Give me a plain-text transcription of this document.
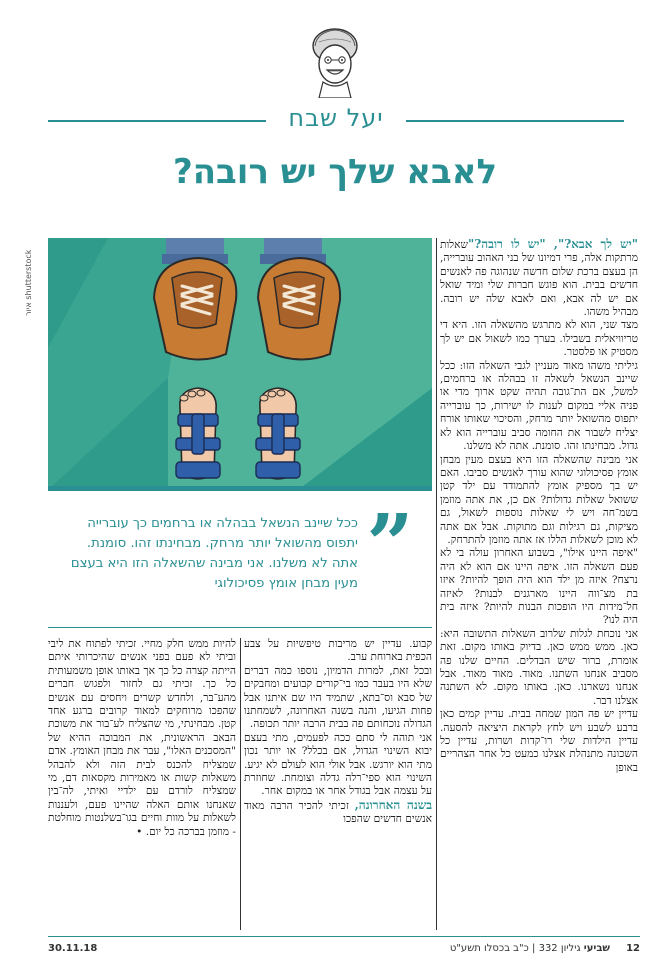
יעל שבח
לאבא שלך יש רובה?
shutterstock איור
”
ככל שיינב הנשאל בבהלה או ברחמים כך עוברייה יתפוס מהשואל יותר מרחק. מבחינתו זהו. סומנת. אתה לא משלנו. אני מבינה שהשאלה הזו היא בעצם מעין מבחן אומץ פסיכולוגי
"יש לך אבא?", "יש לו רובה?"שאלות מרתקות אלה, פרי דמיונו של בני האהוב עוברייה, הן בעצם ברכת שלום חדשה שנהוגה פה לאנשים חדשים בבית. הוא פוגש חברות שלי ומיד שואל אם יש לה אבא, ואם לאבא שלה יש רובה. מבהיל משהו.
מצד שני, הוא לא מתרגש מהשאלה הזו. היא די טריוויאלית בשבילו. בערך כמו לשאול אם יש לך מסטיק או פלסטר.
גיליתי משהו מאוד מעניין לגבי השאלה הזו: ככל שיינב הנשאל לשאלה זו בבהלה או ברחמים, למשל, אם הת־גובה תהיה שקט ארוך מדי או פניה אליי במקום לענות לו ישירות, כך עוברייה יתפוס מהשואל יותר מרחק, והסיכוי שאותו אורח יצליח לשבור את החומה סביב עוברייה הוא לא גדול. מבחינתו זהו. סומנת. אתה לא משלנו.
אני מבינה שהשאלה הזו היא בעצם מעין מבחן אומץ פסיכולוגי שהוא עורך לאנשים סביבו. האם יש בך מספיק אומץ להתמודד עם ילד קטן ששואל שאלות גדולות? אם כן, את אתה מוזמן בשמ־חה ויש לי שאלות נוספות לשאול, גם מציקות, גם רגילות וגם מתוקות. אבל אם אתה לא מוכן לשאלות הללו אז אתה מוזמן להתרחק.
"איפה היינו אילו", בשבוע האחרון עולה בי לא פעם השאלה הזו. איפה היינו אם הוא לא היה נרצח? איזה מן ילד הוא היה הופך להיות? איזו בת מצ־ווה היינו מארגנים לבנות? לאיזה חל־מידות היו הופכות הבנות להיות? איזה בית היה לנו?
אני נוכחת לגלות שלרוב השאלות התשובה היא: כאן. ממש ממש כאן. בדיוק באותו מקום. זאת אומרת, ברור שיש הבדלים. החיים שלנו פה מסביב אנחנו השתנו. מאוד. מאוד מאוד. אבל אנחנו נשארנו. כאן. באותו מקום. לא השתנה אצלנו דבר.
עדיין יש פה המון שמחה בבית. עדיין קמים כאן ברבע לשבע ויש לחץ לקראת היציאה להסעה. עדיין הילדות שלי רו־קדות ושרות, עדיין כל השכונה מתנהלת אצלנו כמעט כל אחר הצהריים באופן
קבוע. עדיין יש מריבות טיפשיות על צבע הכפית בארוחת ערב.
ובכל זאת, למרות הדמיון, נוספו כמה דברים שלא היו בעבר כמו בי־קורים קבועים ומחבקים של סבא וס־בתא, שתמיד היו שם איתנו אבל פחות הגיעו, והנה בשנה האחרונה, לשמחתנו הגדולה נוכחותם פה בבית הרבה יותר תכופה.
אני תוהה לי סתם ככה לפעמים, מתי בעצם יבוא השינוי הגדול, אם בכלל? או יותר נכון מתי הוא יורגש. אבל אולי הוא לעולם לא יגיע. השינוי הוא ספי־רלה גדלה וצומחת. שחוזרת על עצמה אבל בגודל אחר או במקום אחר.
בשנה האחרונה, זכיתי להכיר הרבה מאוד אנשים חדשים שהפכו
להיות ממש חלק מחיי. זכיתי לפתוח את ליבי וביתי לא פעם בפני אנשים שהיכרותי איתם הייתה קצרה כל כך אך באותו אופן משמעותית כל כך. זכיתי גם לחזור ולפגוש חברים מהע־בר, ולחדש קשרים ויחסים עם אנשים שהפכו מרוחקים למאוד קרובים ברגע אחד קטן. מבחינתי, מי שהצליח לע־בור את משוכת הבאב הראשונית, את המבוכה ההיא של "המסכנים האלו", עבר את מבחן האומץ. אדם שמצליח להכנס לבית הזה ולא להבהל משאלות קשות או מאמירות מקסאות דם, מי שמצליח לורדם עם ילדיי ואיתי, לה־בין שאנחנו אותם האלה שהיינו פעם, ולעננות לשאלות על מוות וחיים בגו־בשלנטות מוחלטת - מוזמן בברכה כל יום. •
12
שביעי גיליון 332 | כ"ב בכסלו תשע"ט
30.11.18
